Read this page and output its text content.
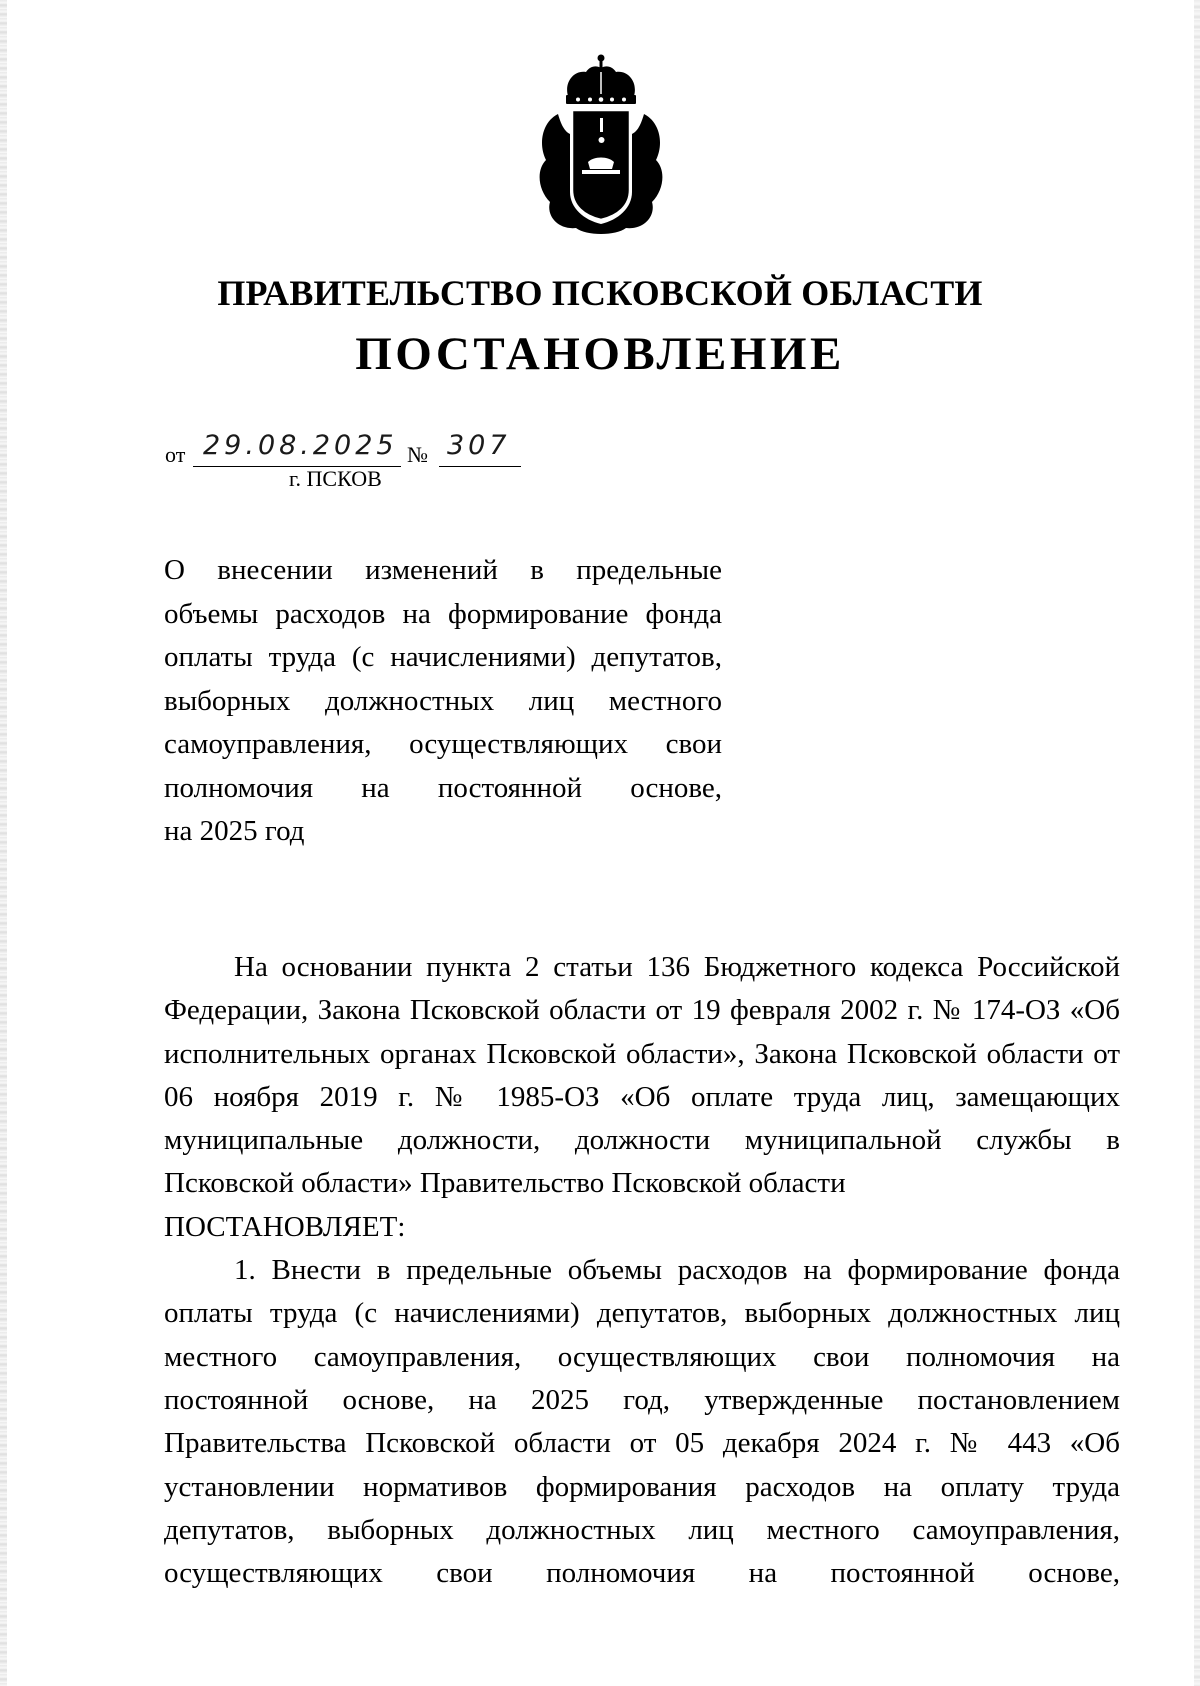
ПРАВИТЕЛЬСТВО ПСКОВСКОЙ ОБЛАСТИ
ПОСТАНОВЛЕНИЕ
от 29.08.2025 № 307
г. ПСКОВ
О внесении изменений в предельные объемы расходов на формирование фонда оплаты труда (с начислениями) депутатов, выборных должностных лиц местного самоуправления, осуществляющих свои полномочия на постоянной основе,
на 2025 год

На основании пункта 2 статьи 136 Бюджетного кодекса Российской Федерации, Закона Псковской области от 19 февраля 2002 г. № 174-ОЗ «Об исполнительных органах Псковской области», Закона Псковской области от 06 ноября 2019 г. № 1985-ОЗ «Об оплате труда лиц, замещающих муниципальные должности, должности муниципальной службы в Псковской области» Правительство Псковской области

ПОСТАНОВЛЯЕТ:

1. Внести в предельные объемы расходов на формирование фонда оплаты труда (с начислениями) депутатов, выборных должностных лиц местного самоуправления, осуществляющих свои полномочия на постоянной основе, на 2025 год, утвержденные постановлением Правительства Псковской области от 05 декабря 2024 г. № 443 «Об установлении нормативов формирования расходов на оплату труда депутатов, выборных должностных лиц местного самоуправления, осуществляющих свои полномочия на постоянной основе,
